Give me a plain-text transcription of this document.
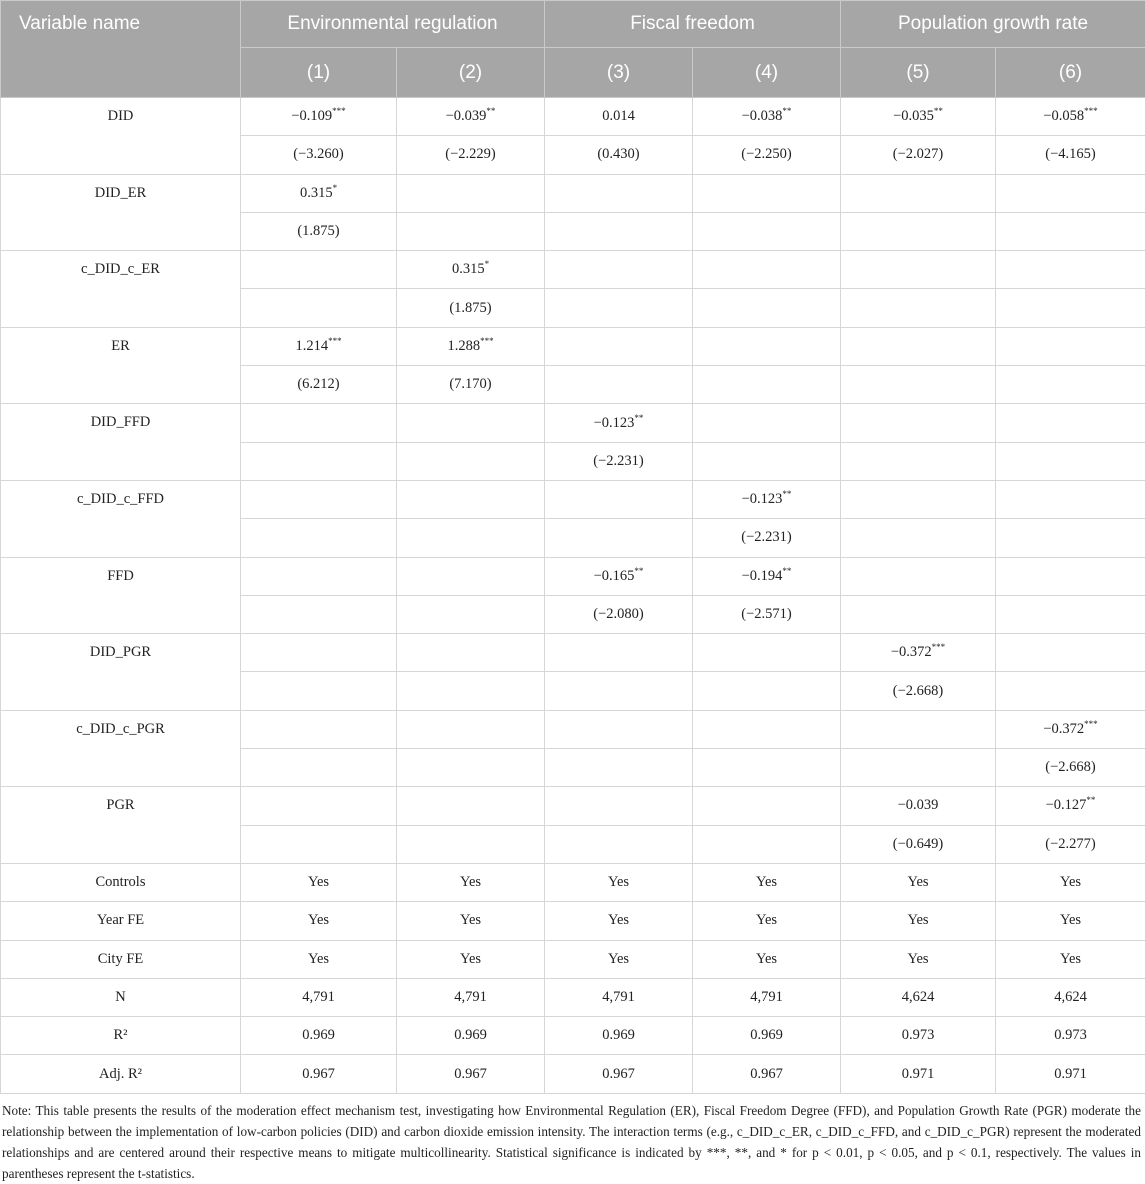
Variable name	Environmental regulation		Fiscal freedom		Population growth rate	
	(1)	(2)	(3)	(4)	(5)	(6)
DID	−0.109***	−0.039**	0.014	−0.038**	−0.035**	−0.058***
	(−3.260)	(−2.229)	(0.430)	(−2.250)	(−2.027)	(−4.165)
DID_ER	0.315*					
	(1.875)					
c_DID_c_ER		0.315*				
		(1.875)				
ER	1.214***	1.288***				
	(6.212)	(7.170)				
DID_FFD			−0.123**			
			(−2.231)			
c_DID_c_FFD				−0.123**		
				(−2.231)		
FFD			−0.165**	−0.194**		
			(−2.080)	(−2.571)		
DID_PGR					−0.372***	
					(−2.668)	
c_DID_c_PGR						−0.372***
						(−2.668)
PGR					−0.039	−0.127**
					(−0.649)	(−2.277)
Controls	Yes	Yes	Yes	Yes	Yes	Yes
Year FE	Yes	Yes	Yes	Yes	Yes	Yes
City FE	Yes	Yes	Yes	Yes	Yes	Yes
N	4,791	4,791	4,791	4,791	4,624	4,624
R²	0.969	0.969	0.969	0.969	0.973	0.973
Adj. R²	0.967	0.967	0.967	0.967	0.971	0.971
Note: This table presents the results of the moderation effect mechanism test, investigating how Environmental Regulation (ER), Fiscal Freedom Degree (FFD), and Population Growth Rate (PGR) moderate the relationship between the implementation of low-carbon policies (DID) and carbon dioxide emission intensity. The interaction terms (e.g., c_DID_c_ER, c_DID_c_FFD, and c_DID_c_PGR) represent the moderated relationships and are centered around their respective means to mitigate multicollinearity. Statistical significance is indicated by ***, **, and * for p < 0.01, p < 0.05, and p < 0.1, respectively. The values in parentheses represent the t-statistics.
